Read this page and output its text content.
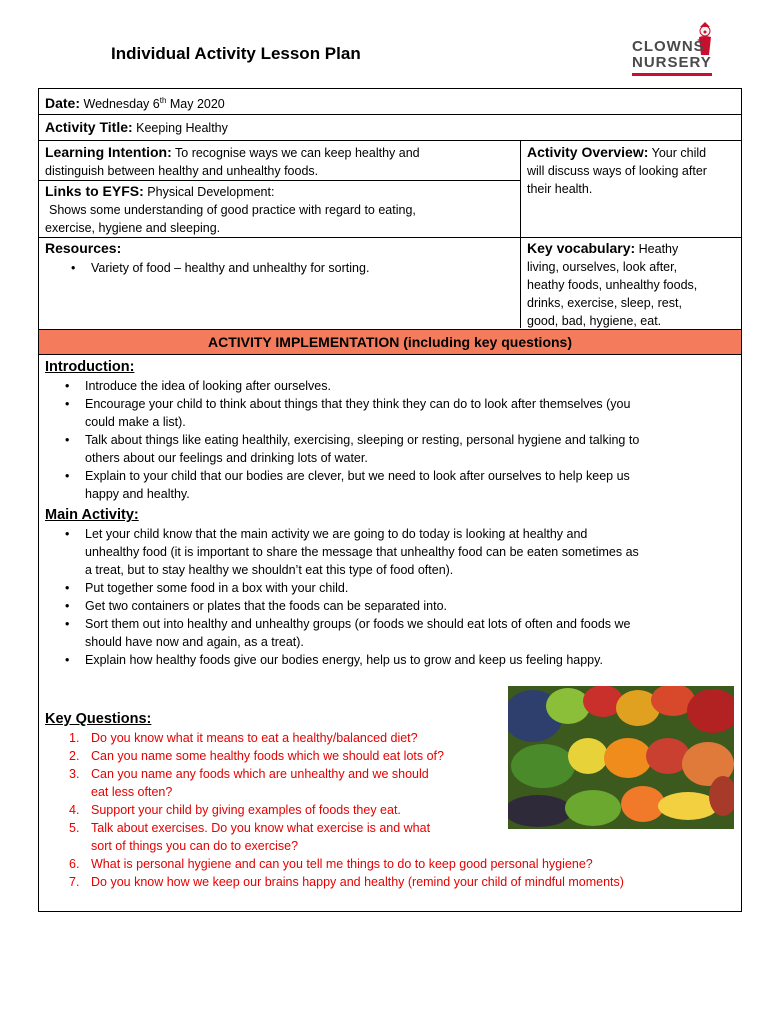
Individual Activity Lesson Plan	CLOWNS
NURSERY
Date: Wednesday 6th May 2020
Activity Title: Keeping Healthy
Learning Intention: To recognise ways we can keep healthy and
distinguish between healthy and unhealthy foods.
Links to EYFS: Physical Development:
Shows some understanding of good practice with regard to eating,
exercise, hygiene and sleeping.
Activity Overview: Your child
will discuss ways of looking after
their health.
Resources:
• Variety of food – healthy and unhealthy for sorting.
Key vocabulary: Heathy
living, ourselves, look after,
heathy foods, unhealthy foods,
drinks, exercise, sleep, rest,
good, bad, hygiene, eat.
ACTIVITY IMPLEMENTATION (including key questions)
Introduction:
• Introduce the idea of looking after ourselves.
• Encourage your child to think about things that they think they can do to look after themselves (you
could make a list).
• Talk about things like eating healthily, exercising, sleeping or resting, personal hygiene and talking to
others about our feelings and drinking lots of water.
• Explain to your child that our bodies are clever, but we need to look after ourselves to help keep us
happy and healthy.
Main Activity:
• Let your child know that the main activity we are going to do today is looking at healthy and
unhealthy food (it is important to share the message that unhealthy food can be eaten sometimes as
a treat, but to stay healthy we shouldn’t eat this type of food often).
• Put together some food in a box with your child.
• Get two containers or plates that the foods can be separated into.
• Sort them out into healthy and unhealthy groups (or foods we should eat lots of often and foods we
should have now and again, as a treat).
• Explain how healthy foods give our bodies energy, help us to grow and keep us feeling happy.
Key Questions:
1. Do you know what it means to eat a healthy/balanced diet?
2. Can you name some healthy foods which we should eat lots of?
3. Can you name any foods which are unhealthy and we should
eat less often?
4. Support your child by giving examples of foods they eat.
5. Talk about exercises. Do you know what exercise is and what
sort of things you can do to exercise?
6. What is personal hygiene and can you tell me things to do to keep good personal hygiene?
7. Do you know how we keep our brains happy and healthy (remind your child of mindful moments)
